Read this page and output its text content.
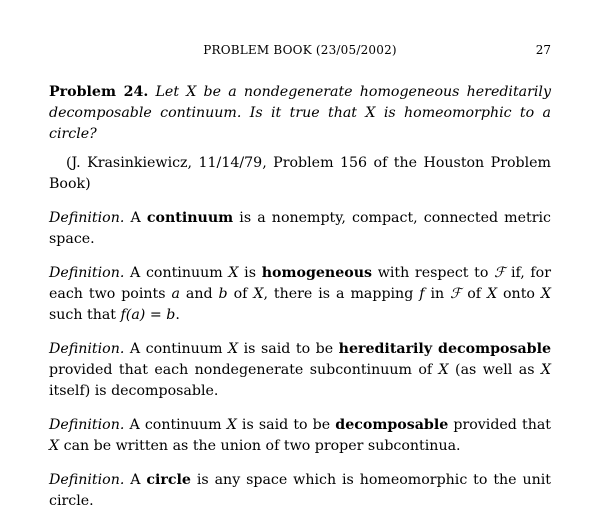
PROBLEM BOOK (23/05/2002)	27

Problem 24. Let X be a nondegenerate homogeneous hereditarily decomposable continuum. Is it true that X is homeomorphic to a circle?

(J. Krasinkiewicz, 11/14/79, Problem 156 of the Houston Problem Book)

Definition. A continuum is a nonempty, compact, connected metric space.

Definition. A continuum X is homogeneous with respect to ℱ if, for each two points a and b of X, there is a mapping f in ℱ of X onto X such that f(a) = b.

Definition. A continuum X is said to be hereditarily decomposable provided that each nondegenerate subcontinuum of X (as well as X itself) is decomposable.

Definition. A continuum X is said to be decomposable provided that X can be written as the union of two proper subcontinua.

Definition. A circle is any space which is homeomorphic to the unit circle.
